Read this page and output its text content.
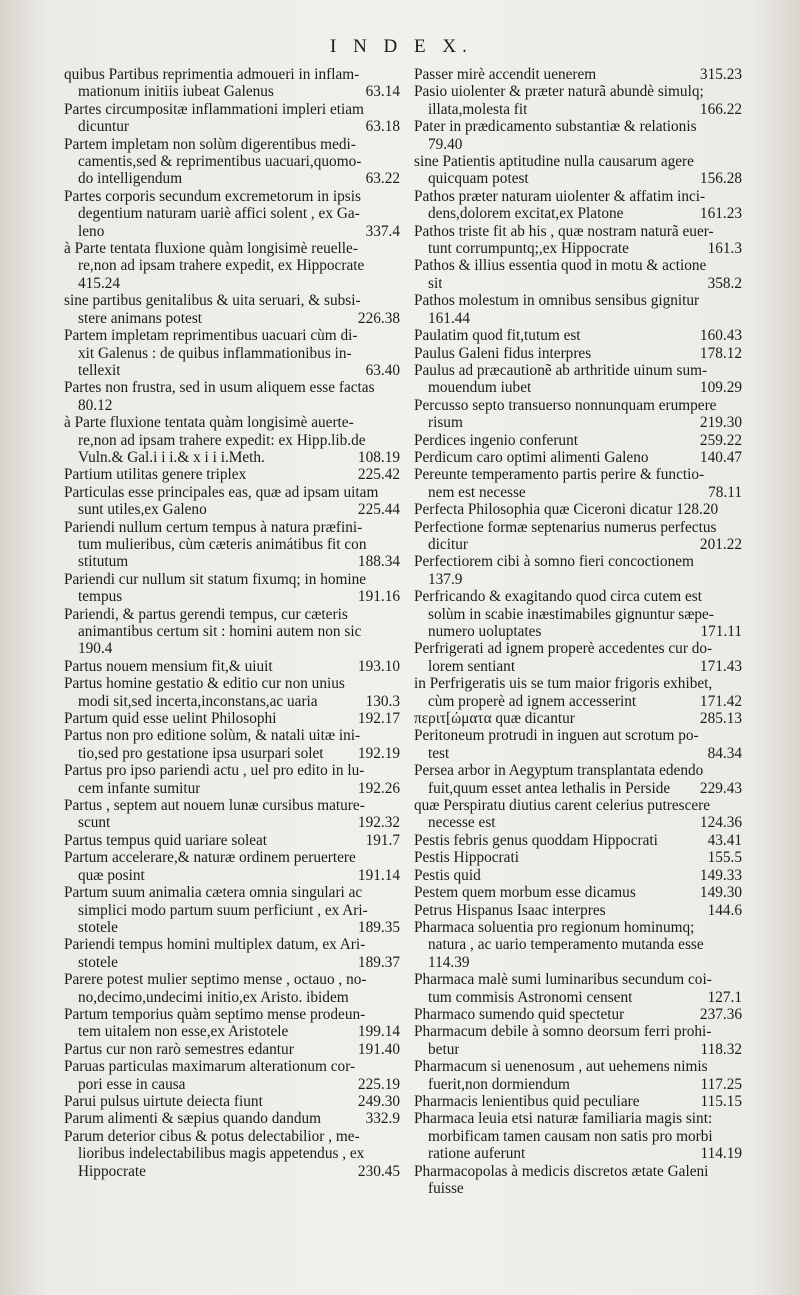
I N D E X.
quibus Partibus reprimentia admoueri in inflam-
mationum initiis iubeat Galenus	63.14
Partes circumpositæ inflammationi impleri etiam
dicuntur	63.18
Partem impletam non solùm digerentibus medi-
camentis,sed & reprimentibus uacuari,quomo-
do intelligendum	63.22
Partes corporis secundum excremetorum in ipsis
degentium naturam uariè affici solent , ex Ga-
leno	337.4
à Parte tentata fluxione quàm longisimè reuelle-
re,non ad ipsam trahere expedit, ex Hippocrate
415.24
sine partibus genitalibus & uita seruari, & subsi-
stere animans potest	226.38
Partem impletam reprimentibus uacuari cùm di-
xit Galenus : de quibus inflammationibus in-
tellexit	63.40
Partes non frustra, sed in usum aliquem esse factas
80.12
à Parte fluxione tentata quàm longisimè auerte-
re,non ad ipsam trahere expedit: ex Hipp.lib.de
Vuln.& Gal.i i i.& x i i i.Meth.	108.19
Partium utilitas genere triplex	225.42
Particulas esse principales eas, quæ ad ipsam uitam
sunt utiles,ex Galeno	225.44
Pariendi nullum certum tempus à natura præfini-
tum mulieribus, cùm cæteris animátibus fit con
stitutum	188.34
Pariendi cur nullum sit statum fixumq; in homine
tempus	191.16
Pariendi, & partus gerendi tempus, cur cæteris
animantibus certum sit : homini autem non sic
190.4
Partus nouem mensium fit,& uiuit	193.10
Partus homine gestatio & editio cur non unius
modi sit,sed incerta,inconstans,ac uaria	130.3
Partum quid esse uelint Philosophi	192.17
Partus non pro editione solùm, & natali uitæ ini-
tio,sed pro gestatione ipsa usurpari solet	192.19
Partus pro ipso pariendi actu , uel pro edito in lu-
cem infante sumitur	192.26
Partus , septem aut nouem lunæ cursibus mature-
scunt	192.32
Partus tempus quid uariare soleat	191.7
Partum accelerare,& naturæ ordinem peruertere
quæ posint	191.14
Partum suum animalia cætera omnia singulari ac
simplici modo partum suum perficiunt , ex Ari-
stotele	189.35
Pariendi tempus homini multiplex datum, ex Ari-
stotele	189.37
Parere potest mulier septimo mense , octauo , no-
no,decimo,undecimi initio,ex Aristo. ibidem
Partum temporius quàm septimo mense prodeun-
tem uitalem non esse,ex Aristotele	199.14
Partus cur non rarò semestres edantur	191.40
Paruas particulas maximarum alterationum cor-
pori esse in causa	225.19
Parui pulsus uirtute deiecta fiunt	249.30
Parum alimenti & sæpius quando dandum	332.9
Parum deterior cibus & potus delectabilior , me-
lioribus indelectabilibus magis appetendus , ex
Hippocrate	230.45
Passer mirè accendit uenerem	315.23
Pasio uiolenter & præter naturã abundè simulq;
illata,molesta fit	166.22
Pater in prædicamento substantiæ & relationis
79.40
sine Patientis aptitudine nulla causarum agere
quicquam potest	156.28
Pathos præter naturam uiolenter & affatim inci-
dens,dolorem excitat,ex Platone	161.23
Pathos triste fit ab his , quæ nostram naturã euer-
tunt corrumpuntq;,ex Hippocrate	161.3
Pathos & illius essentia quod in motu & actione
sit	358.2
Pathos molestum in omnibus sensibus gignitur
161.44
Paulatim quod fit,tutum est	160.43
Paulus Galeni fidus interpres	178.12
Paulus ad præcautionẽ ab arthritide uinum sum-
mouendum iubet	109.29
Percusso septo transuerso nonnunquam erumpere
risum	219.30
Perdices ingenio conferunt	259.22
Perdicum caro optimi alimenti Galeno	140.47
Pereunte temperamento partis perire & functio-
nem est necesse	78.11
Perfecta Philosophia quæ Ciceroni dicatur 128.20
Perfectione formæ septenarius numerus perfectus
dicitur	201.22
Perfectiorem cibi à somno fieri concoctionem
137.9
Perfricando & exagitando quod circa cutem est
solùm in scabie inæstimabiles gignuntur sæpe-
numero uoluptates	171.11
Perfrigerati ad ignem properè accedentes cur do-
lorem sentiant	171.43
in Perfrigeratis uis se tum maior frigoris exhibet,
cùm properè ad ignem accesserint	171.42
περιτ[ώματα quæ dicantur	285.13
Peritoneum protrudi in inguen aut scrotum po-
test	84.34
Persea arbor in Aegyptum transplantata edendo
fuit,quum esset antea lethalis in Perside	229.43
quæ Perspiratu diutius carent celerius putrescere
necesse est	124.36
Pestis febris genus quoddam Hippocrati	43.41
Pestis Hippocrati	155.5
Pestis quid	149.33
Pestem quem morbum esse dicamus	149.30
Petrus Hispanus Isaac interpres	144.6
Pharmaca soluentia pro regionum hominumq;
natura , ac uario temperamento mutanda esse
114.39
Pharmaca malè sumi luminaribus secundum coi-
tum commisis Astronomi censent	127.1
Pharmaco sumendo quid spectetur	237.36
Pharmacum debile à somno deorsum ferri prohi-
betur	118.32
Pharmacum si uenenosum , aut uehemens nimis
fuerit,non dormiendum	117.25
Pharmacis lenientibus quid peculiare	115.15
Pharmaca leuia etsi naturæ familiaria magis sint:
morbificam tamen causam non satis pro morbi
ratione auferunt	114.19
Pharmacopolas à medicis discretos ætate Galeni
fuisse
